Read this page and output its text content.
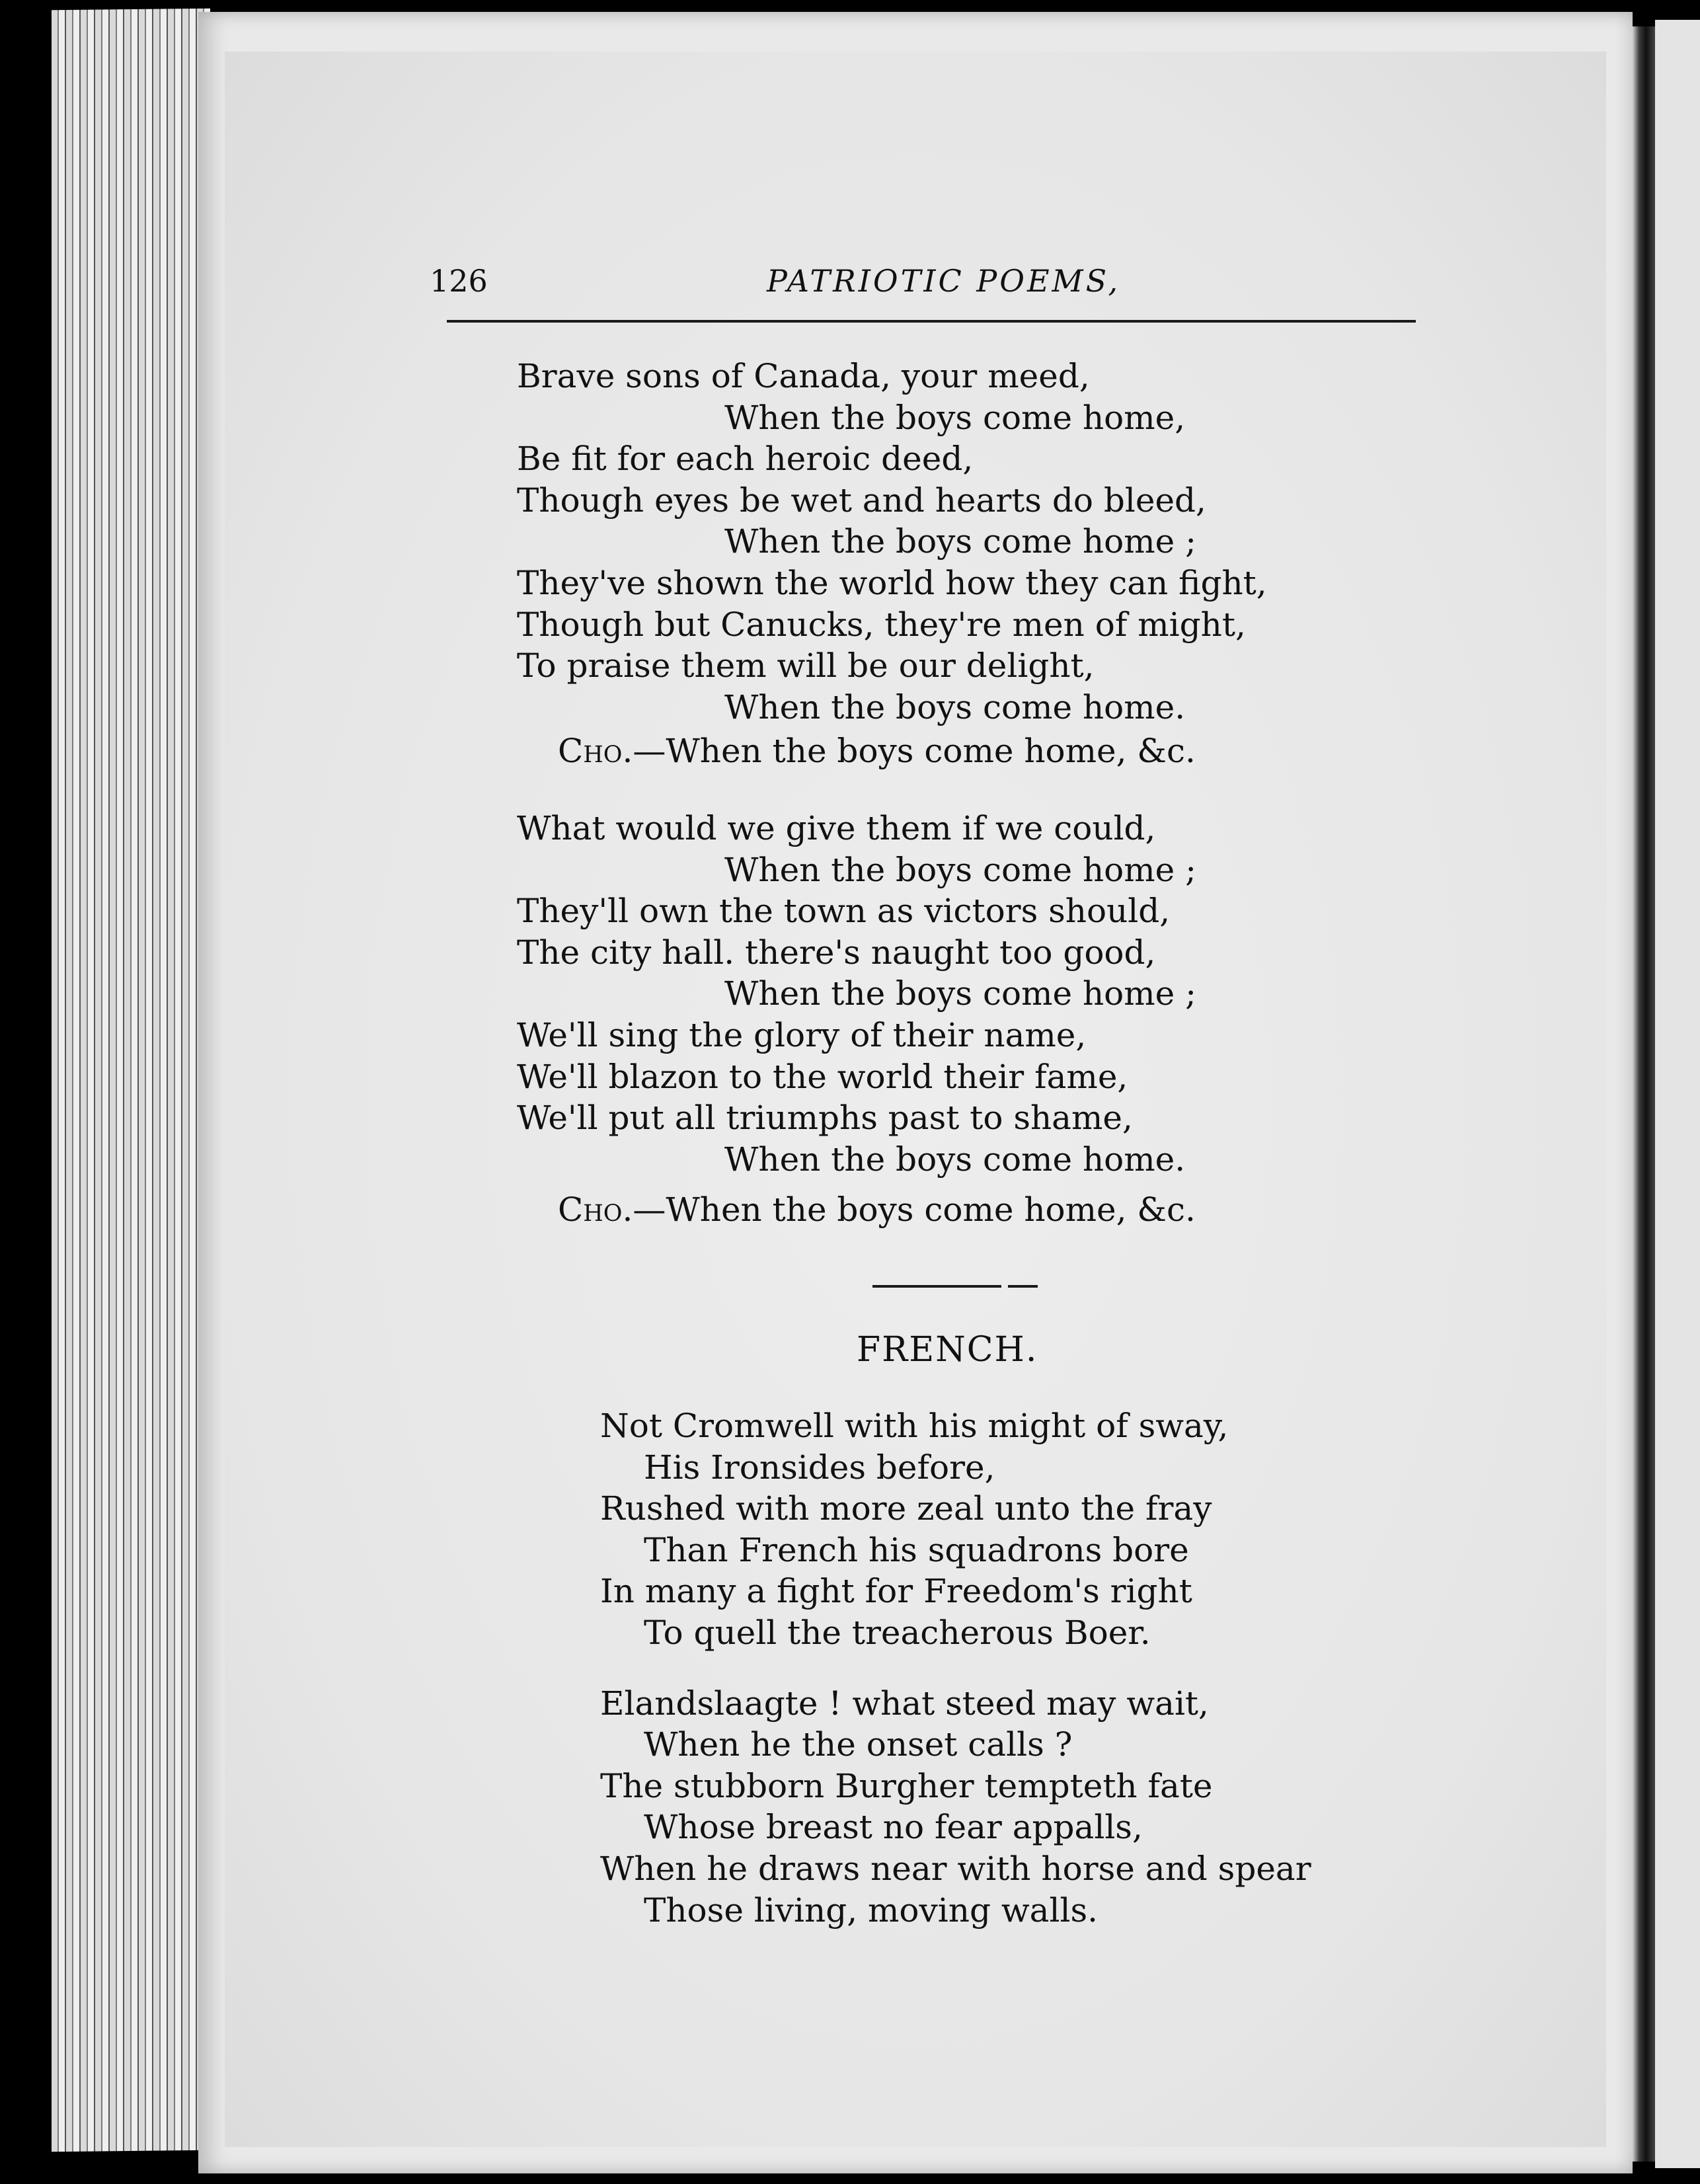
126	PATRIOTIC POEMS,
Brave sons of Canada, your meed,
When the boys come home,
Be fit for each heroic deed,
Though eyes be wet and hearts do bleed,
When the boys come home ;
They've shown the world how they can fight,
Though but Canucks, they're men of might,
To praise them will be our delight,
When the boys come home.
Cho.—When the boys come home, &c.
What would we give them if we could,
When the boys come home ;
They'll own the town as victors should,
The city hall. there's naught too good,
When the boys come home ;
We'll sing the glory of their name,
We'll blazon to the world their fame,
We'll put all triumphs past to shame,
When the boys come home.
Cho.—When the boys come home, &c.
FRENCH.
Not Cromwell with his might of sway,
His Ironsides before,
Rushed with more zeal unto the fray
Than French his squadrons bore
In many a fight for Freedom's right
To quell the treacherous Boer.
Elandslaagte ! what steed may wait,
When he the onset calls ?
The stubborn Burgher tempteth fate
Whose breast no fear appalls,
When he draws near with horse and spear
Those living, moving walls.
